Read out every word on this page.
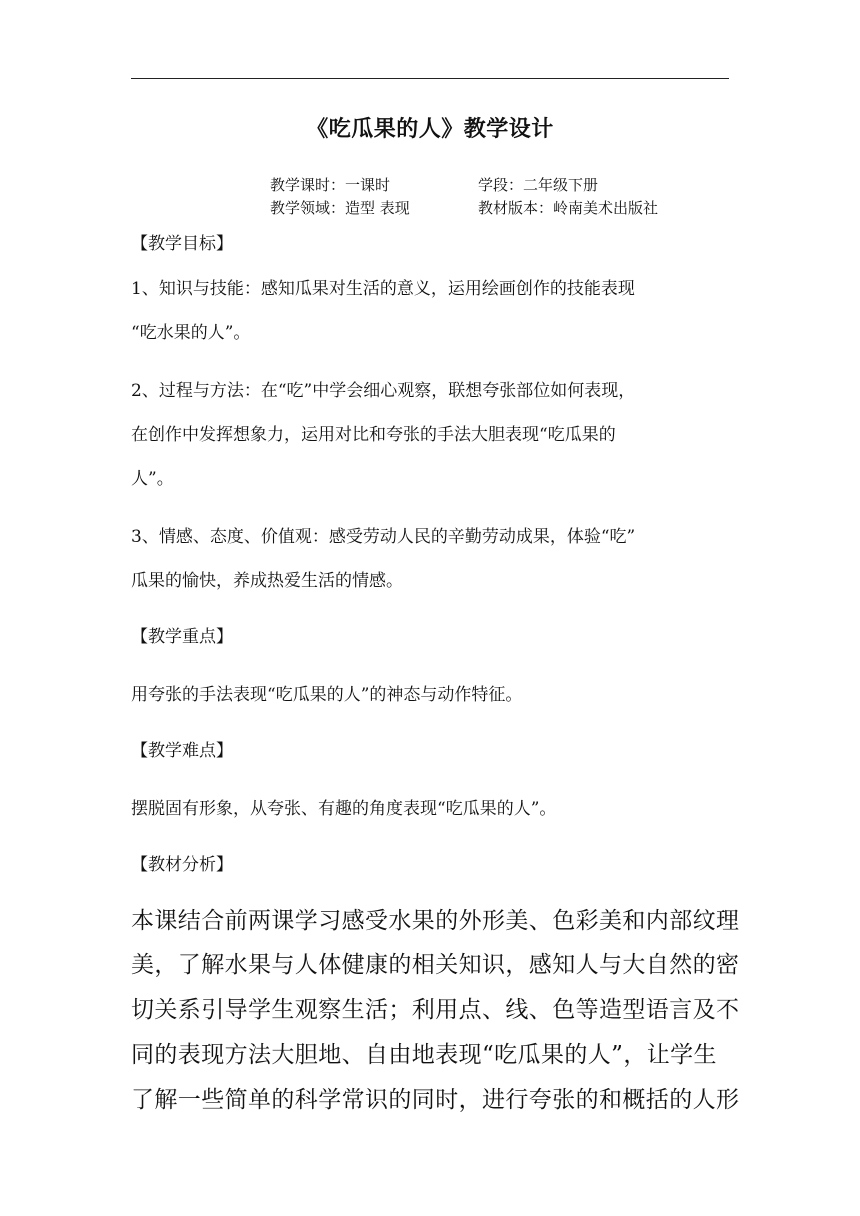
《吃瓜果的人》教学设计
教学课时：一课时	学段：二年级下册
教学领域：造型 表现	教材版本：岭南美术出版社
【教学目标】
1、知识与技能：感知瓜果对生活的意义，运用绘画创作的技能表现
“吃水果的人”。
2、过程与方法：在“吃”中学会细心观察，联想夸张部位如何表现，
在创作中发挥想象力，运用对比和夸张的手法大胆表现“吃瓜果的
人”。
3、情感、态度、价值观：感受劳动人民的辛勤劳动成果，体验“吃”
瓜果的愉快，养成热爱生活的情感。
【教学重点】
用夸张的手法表现“吃瓜果的人”的神态与动作特征。
【教学难点】
摆脱固有形象，从夸张、有趣的角度表现“吃瓜果的人”。
【教材分析】
本课结合前两课学习感受水果的外形美、色彩美和内部纹理
美，了解水果与人体健康的相关知识，感知人与大自然的密
切关系引导学生观察生活；利用点、线、色等造型语言及不
同的表现方法大胆地、自由地表现“吃瓜果的人”，让学生
了解一些简单的科学常识的同时，进行夸张的和概括的人形
